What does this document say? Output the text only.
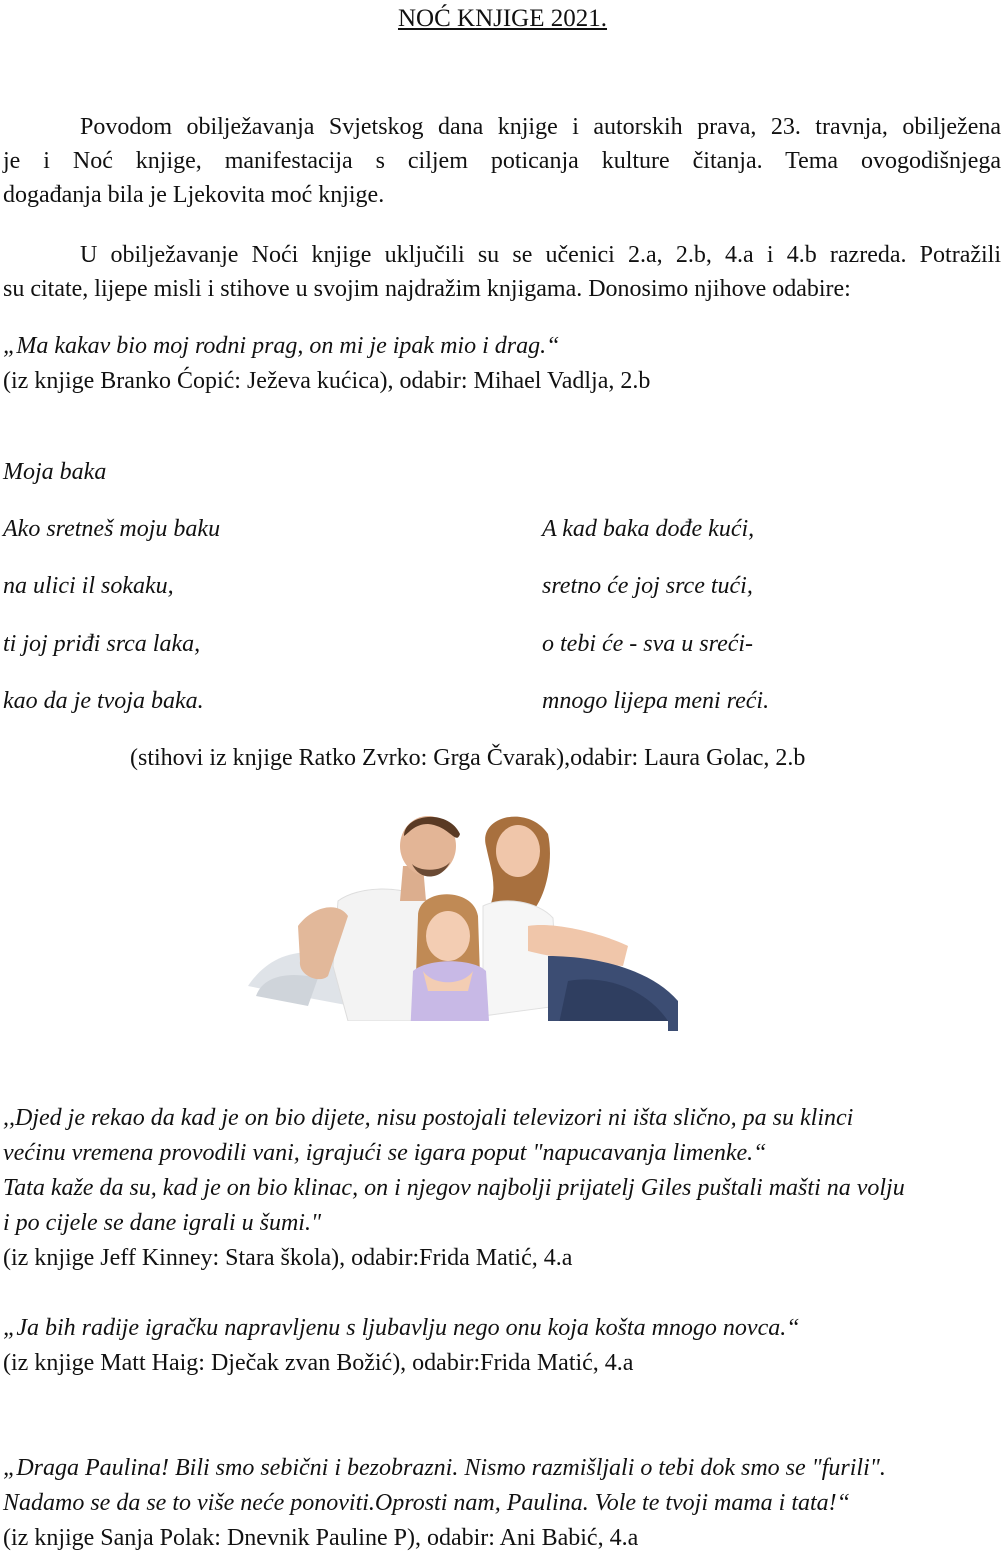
NOĆ KNJIGE 2021.
Povodom obilježavanja Svjetskog dana knjige i autorskih prava, 23. travnja, obilježena
je i Noć knjige, manifestacija s ciljem poticanja kulture čitanja. Tema ovogodišnjega
događanja bila je Ljekovita moć knjige.
U obilježavanje Noći knjige uključili su se učenici 2.a, 2.b, 4.a i 4.b razreda. Potražili
su citate, lijepe misli i stihove u svojim najdražim knjigama. Donosimo njihove odabire:
„Ma kakav bio moj rodni prag, on mi je ipak mio i drag.“
(iz knjige Branko Ćopić: Ježeva kućica), odabir: Mihael Vadlja, 2.b
Moja baka
Ako sretneš moju baku
na ulici il sokaku,
ti joj priđi srca laka,
kao da je tvoja baka.
A kad baka dođe kući,
sretno će joj srce tući,
o tebi će - sva u sreći-
mnogo lijepa meni reći.
(stihovi iz knjige Ratko Zvrko: Grga Čvarak),odabir: Laura Golac, 2.b
,,Djed je rekao da kad je on bio dijete, nisu postojali televizori ni išta slično, pa su klinci
većinu vremena provodili vani, igrajući se igara poput "napucavanja limenke.“
Tata kaže da su, kad je on bio klinac, on i njegov najbolji prijatelj Giles puštali mašti na volju
i po cijele se dane igrali u šumi."
(iz knjige Jeff Kinney: Stara škola), odabir:Frida Matić, 4.a
„Ja bih radije igračku napravljenu s ljubavlju nego onu koja košta mnogo novca.“
(iz knjige Matt Haig: Dječak zvan Božić), odabir:Frida Matić, 4.a
„Draga Paulina! Bili smo sebični i bezobrazni. Nismo razmišljali o tebi dok smo se "furili".
Nadamo se da se to više neće ponoviti.Oprosti nam, Paulina. Vole te tvoji mama i tata!“
(iz knjige Sanja Polak: Dnevnik Pauline P), odabir: Ani Babić, 4.a
